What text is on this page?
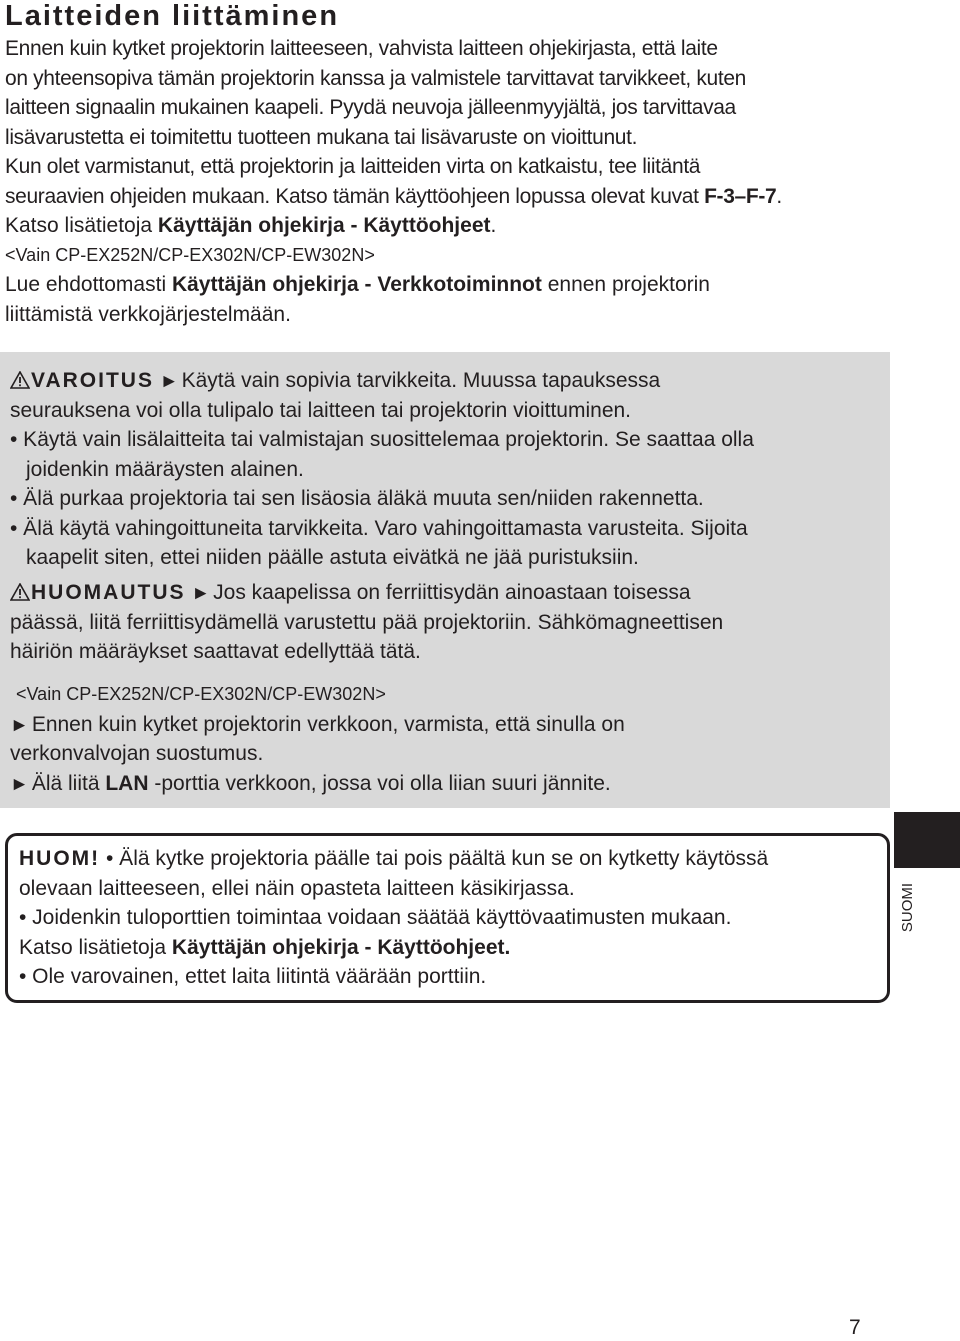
Laitteiden liittäminen
Ennen kuin kytket projektorin laitteeseen, vahvista laitteen ohjekirjasta, että laite
on yhteensopiva tämän projektorin kanssa ja valmistele tarvittavat tarvikkeet, kuten
laitteen signaalin mukainen kaapeli. Pyydä neuvoja jälleenmyyjältä, jos tarvittavaa
lisävarustetta ei toimitettu tuotteen mukana tai lisävaruste on vioittunut.
Kun olet varmistanut, että projektorin ja laitteiden virta on katkaistu, tee liitäntä
seuraavien ohjeiden mukaan. Katso tämän käyttöohjeen lopussa olevat kuvat F-3–F-7.
Katso lisätietoja Käyttäjän ohjekirja - Käyttöohjeet.
<Vain CP-EX252N/CP-EX302N/CP-EW302N>
Lue ehdottomasti Käyttäjän ohjekirja - Verkkotoiminnot ennen projektorin
liittämistä verkkojärjestelmään.
VAROITUS ► Käytä vain sopivia tarvikkeita. Muussa tapauksessa
seurauksena voi olla tulipalo tai laitteen tai projektorin vioittuminen.
• Käytä vain lisälaitteita tai valmistajan suosittelemaa projektorin. Se saattaa olla
joidenkin määräysten alainen.
• Älä purkaa projektoria tai sen lisäosia äläkä muuta sen/niiden rakennetta.
• Älä käytä vahingoittuneita tarvikkeita. Varo vahingoittamasta varusteita. Sijoita
kaapelit siten, ettei niiden päälle astuta eivätkä ne jää puristuksiin.
HUOMAUTUS ► Jos kaapelissa on ferriittisydän ainoastaan toisessa
päässä, liitä ferriittisydämellä varustettu pää projektoriin. Sähkömagneettisen
häiriön määräykset saattavat edellyttää tätä.
<Vain CP-EX252N/CP-EX302N/CP-EW302N>
► Ennen kuin kytket projektorin verkkoon, varmista, että sinulla on
verkonvalvojan suostumus.
► Älä liitä LAN -porttia verkkoon, jossa voi olla liian suuri jännite.
SUOMI
HUOM! • Älä kytke projektoria päälle tai pois päältä kun se on kytketty käytössä
olevaan laitteeseen, ellei näin opasteta laitteen käsikirjassa.
• Joidenkin tuloporttien toimintaa voidaan säätää käyttövaatimusten mukaan.
Katso lisätietoja Käyttäjän ohjekirja - Käyttöohjeet.
• Ole varovainen, ettet laita liitintä väärään porttiin.
7
